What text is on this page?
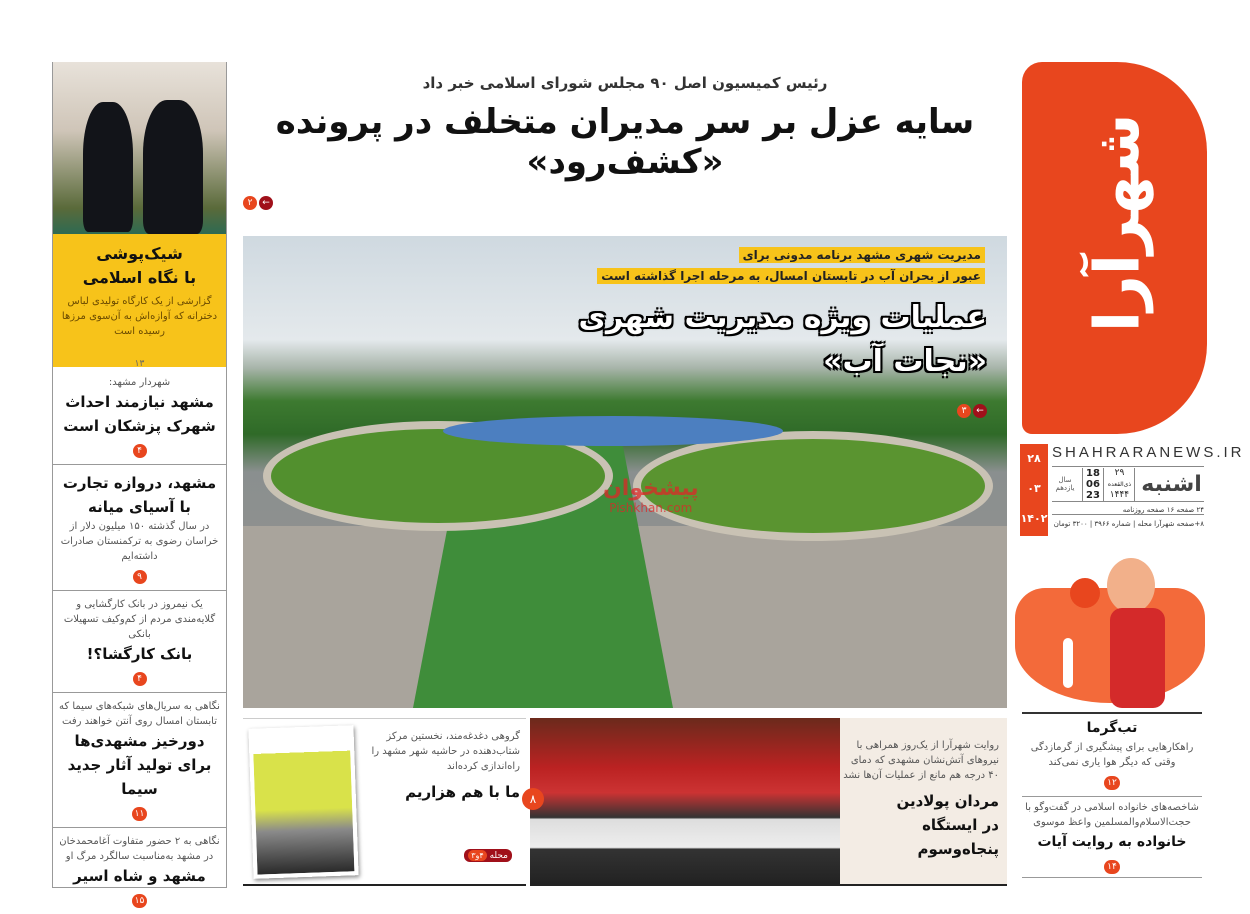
شیک‌پوشی
با نگاه اسلامی
گزارشی از یک کارگاه تولیدی لباس دخترانه که آوازه‌اش به آن‌سوی مرزها رسیده است
۱۳
شهردار مشهد:
مشهد نیازمند احداث
شهرک پزشکان است
۴
مشهد، دروازه تجارت
با آسیای میانه
در سال گذشته ۱۵۰ میلیون دلار از خراسان رضوی به ترکمنستان صادرات داشته‌ایم
۹
یک نیمروز در بانک کارگشایی و گلایه‌مندی مردم از کم‌وکیف تسهیلات بانکی
بانک کارگشا؟!
۴
نگاهی به سریال‌های شبکه‌های سیما که تابستان امسال روی آنتن خواهند رفت
دورخیز مشهدی‌ها
برای تولید آثار جدید سیما
۱۱
نگاهی به ۲ حضور متفاوت آغامحمدخان در مشهد به‌مناسبت سالگرد مرگ او
مشهد و شاه اسیر
۱۵
رئیس کمیسیون اصل ۹۰ مجلس شورای اسلامی خبر داد
سایه عزل بر سر مدیران متخلف در پرونده «کشف‌رود»
۲	←
مدیریت شهری مشهد برنامه مدونی برای
عبور از بحران آب در تابستان امسال، به مرحله اجرا گذاشته است
عملیات ویژه مدیریت شهری
«نجات آب»
۳	←
پیشخوان
Pishkhan.com
گروهی دغدغه‌مند، نخستین مرکز شتاب‌دهنده در حاشیه شهر مشهد را راه‌اندازی کرده‌اند
ما با هم هزاریم
محله ۴و۳
۸
روایت شهرآرا از یک‌روز همراهی با نیروهای آتش‌نشان مشهدی که دمای ۴۰ درجه هم مانع از عملیات آن‌ها نشد
مردان پولادین
در ایستگاه پنجاه‌وسوم
شهرآرا
۲۸
۰۳
۱۴۰۲
SHAHRARANEWS.IR
سال یازدهم
18
06
23
۲۹
ذی‌القعده
۱۴۴۴ اشنبه
۲۴ صفحه ۱۶ صفحه روزنامه
۸+صفحه شهرآرا محله | شماره ۳۹۶۶ | ۳۲۰۰ تومان
تب‌گرما
راهکارهایی برای پیشگیری از گرمازدگی وقتی که دیگر هوا یاری نمی‌کند
۱۲
شاخصه‌های خانواده اسلامی در گفت‌وگو با حجت‌الاسلام‌والمسلمین واعظ موسوی
خانواده به روایت آیات
۱۴
